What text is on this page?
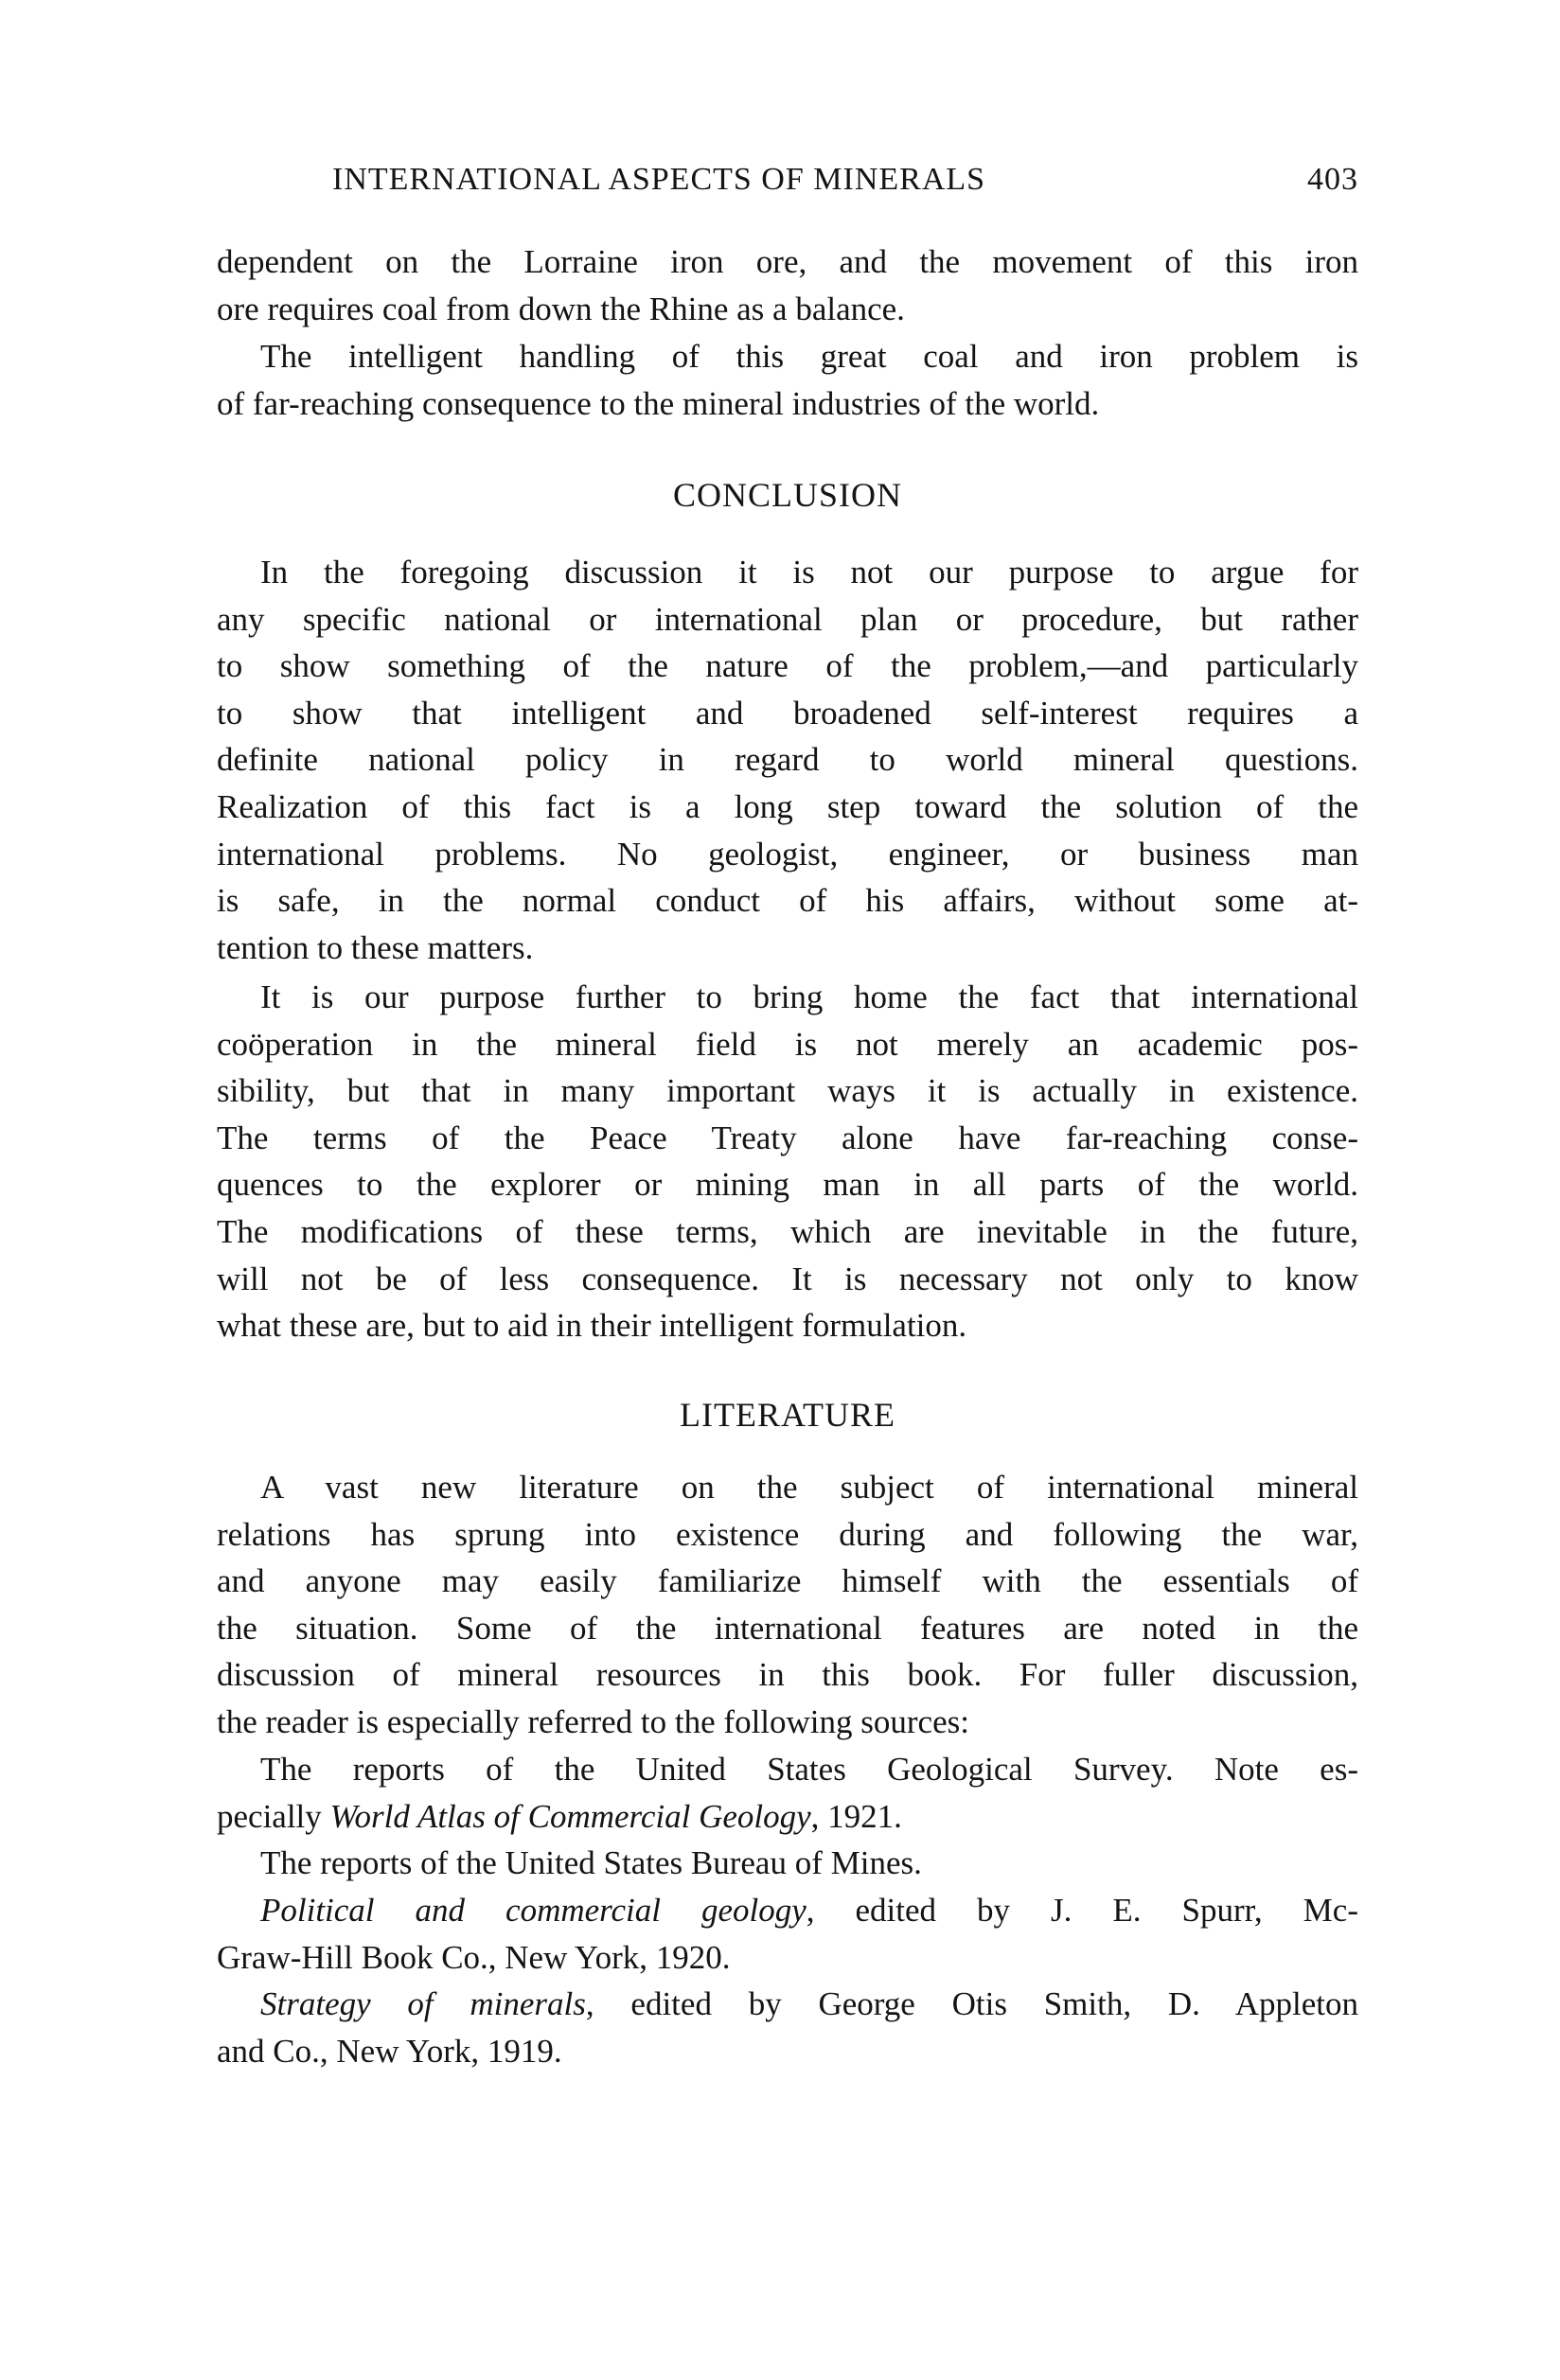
INTERNATIONAL ASPECTS OF MINERALS	403
dependent on the Lorraine iron ore, and the movement of this iron
ore requires coal from down the Rhine as a balance.
The intelligent handling of this great coal and iron problem is
of far-reaching consequence to the mineral industries of the world.
CONCLUSION
In the foregoing discussion it is not our purpose to argue for
any specific national or international plan or procedure, but rather
to show something of the nature of the problem,—and particularly
to show that intelligent and broadened self-interest requires a
definite national policy in regard to world mineral questions.
Realization of this fact is a long step toward the solution of the
international problems. No geologist, engineer, or business man
is safe, in the normal conduct of his affairs, without some at-
tention to these matters.
It is our purpose further to bring home the fact that international
coöperation in the mineral field is not merely an academic pos-
sibility, but that in many important ways it is actually in existence.
The terms of the Peace Treaty alone have far-reaching conse-
quences to the explorer or mining man in all parts of the world.
The modifications of these terms, which are inevitable in the future,
will not be of less consequence. It is necessary not only to know
what these are, but to aid in their intelligent formulation.
LITERATURE
A vast new literature on the subject of international mineral
relations has sprung into existence during and following the war,
and anyone may easily familiarize himself with the essentials of
the situation. Some of the international features are noted in the
discussion of mineral resources in this book. For fuller discussion,
the reader is especially referred to the following sources:
The reports of the United States Geological Survey. Note es-
pecially World Atlas of Commercial Geology, 1921.
The reports of the United States Bureau of Mines.
Political and commercial geology, edited by J. E. Spurr, Mc-
Graw-Hill Book Co., New York, 1920.
Strategy of minerals, edited by George Otis Smith, D. Appleton
and Co., New York, 1919.
